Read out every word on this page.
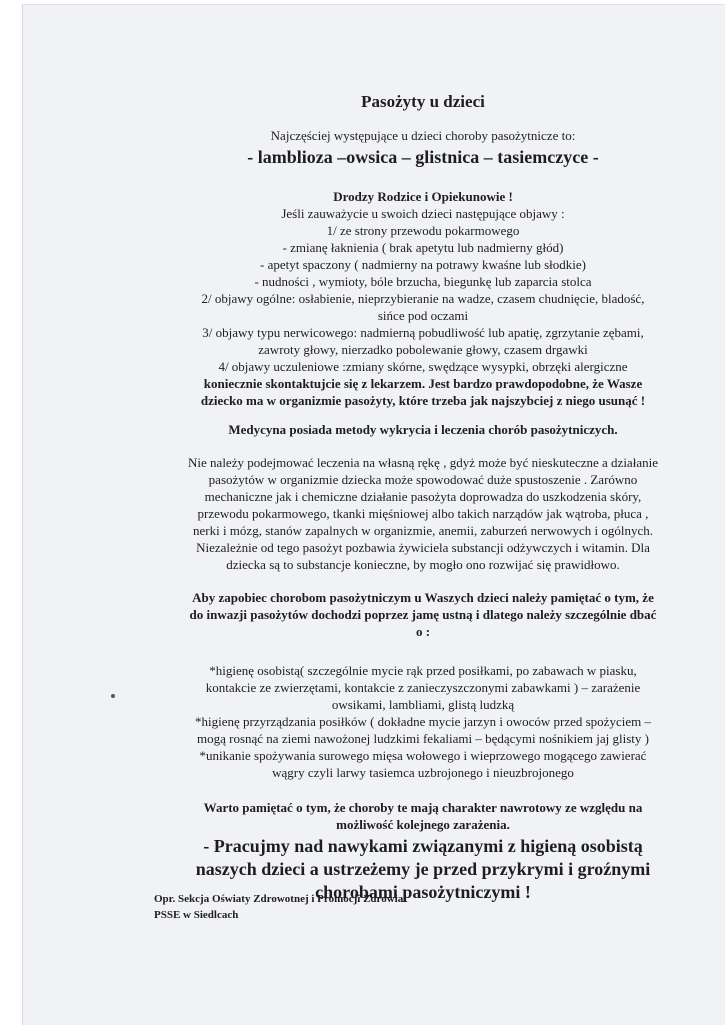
Pasożyty u dzieci
Najczęściej występujące u dzieci choroby pasożytnicze to:
- lamblioza –owsica – glistnica – tasiemczyce -
Drodzy Rodzice i Opiekunowie !
Jeśli zauważycie u swoich dzieci następujące objawy :
1/ ze strony przewodu pokarmowego
- zmianę łaknienia ( brak apetytu lub nadmierny głód)
- apetyt spaczony ( nadmierny na potrawy kwaśne lub słodkie)
- nudności , wymioty, bóle brzucha, biegunkę lub zaparcia stolca
2/ objawy ogólne: osłabienie, nieprzybieranie na wadze, czasem chudnięcie, bladość,
sińce pod oczami
3/ objawy typu nerwicowego: nadmierną pobudliwość lub apatię, zgrzytanie zębami,
zawroty głowy, nierzadko pobolewanie głowy, czasem drgawki
4/ objawy uczuleniowe :zmiany skórne, swędzące wysypki, obrzęki alergiczne
koniecznie skontaktujcie się z lekarzem. Jest bardzo prawdopodobne, że Wasze
dziecko ma w organizmie pasożyty, które trzeba jak najszybciej z niego usunąć !
Medycyna posiada metody wykrycia i leczenia chorób pasożytniczych.
Nie należy podejmować leczenia na własną rękę , gdyż może być nieskuteczne a działanie
pasożytów w organizmie dziecka może spowodować duże spustoszenie . Zarówno
mechaniczne jak i chemiczne działanie pasożyta doprowadza do uszkodzenia skóry,
przewodu pokarmowego, tkanki mięśniowej albo takich narządów jak wątroba, płuca ,
nerki i mózg, stanów zapalnych w organizmie, anemii, zaburzeń nerwowych i ogólnych.
Niezależnie od tego pasożyt pozbawia żywiciela substancji odżywczych i witamin. Dla
dziecka są to substancje konieczne, by mogło ono rozwijać się prawidłowo.
Aby zapobiec chorobom pasożytniczym u Waszych dzieci należy pamiętać o tym, że
do inwazji pasożytów dochodzi poprzez jamę ustną i dlatego należy szczególnie dbać
o :
*higienę osobistą( szczególnie mycie rąk przed posiłkami, po zabawach w piasku,
kontakcie ze zwierzętami, kontakcie z zanieczyszczonymi zabawkami ) – zarażenie
owsikami, lambliami, glistą ludzką
*higienę przyrządzania posiłków ( dokładne mycie jarzyn i owoców przed spożyciem –
mogą rosnąć na ziemi nawożonej ludzkimi fekaliami – będącymi nośnikiem jaj glisty )
*unikanie spożywania surowego mięsa wołowego i wieprzowego mogącego zawierać
wągry czyli larwy tasiemca uzbrojonego i nieuzbrojonego
Warto pamiętać o tym, że choroby te mają charakter nawrotowy ze względu na
możliwość kolejnego zarażenia.
- Pracujmy nad nawykami związanymi z higieną osobistą
naszych dzieci a ustrzeżemy je przed przykrymi i groźnymi
chorobami pasożytniczymi !
Opr. Sekcja Oświaty Zdrowotnej i Promocji Zdrowia
PSSE w Siedlcach
